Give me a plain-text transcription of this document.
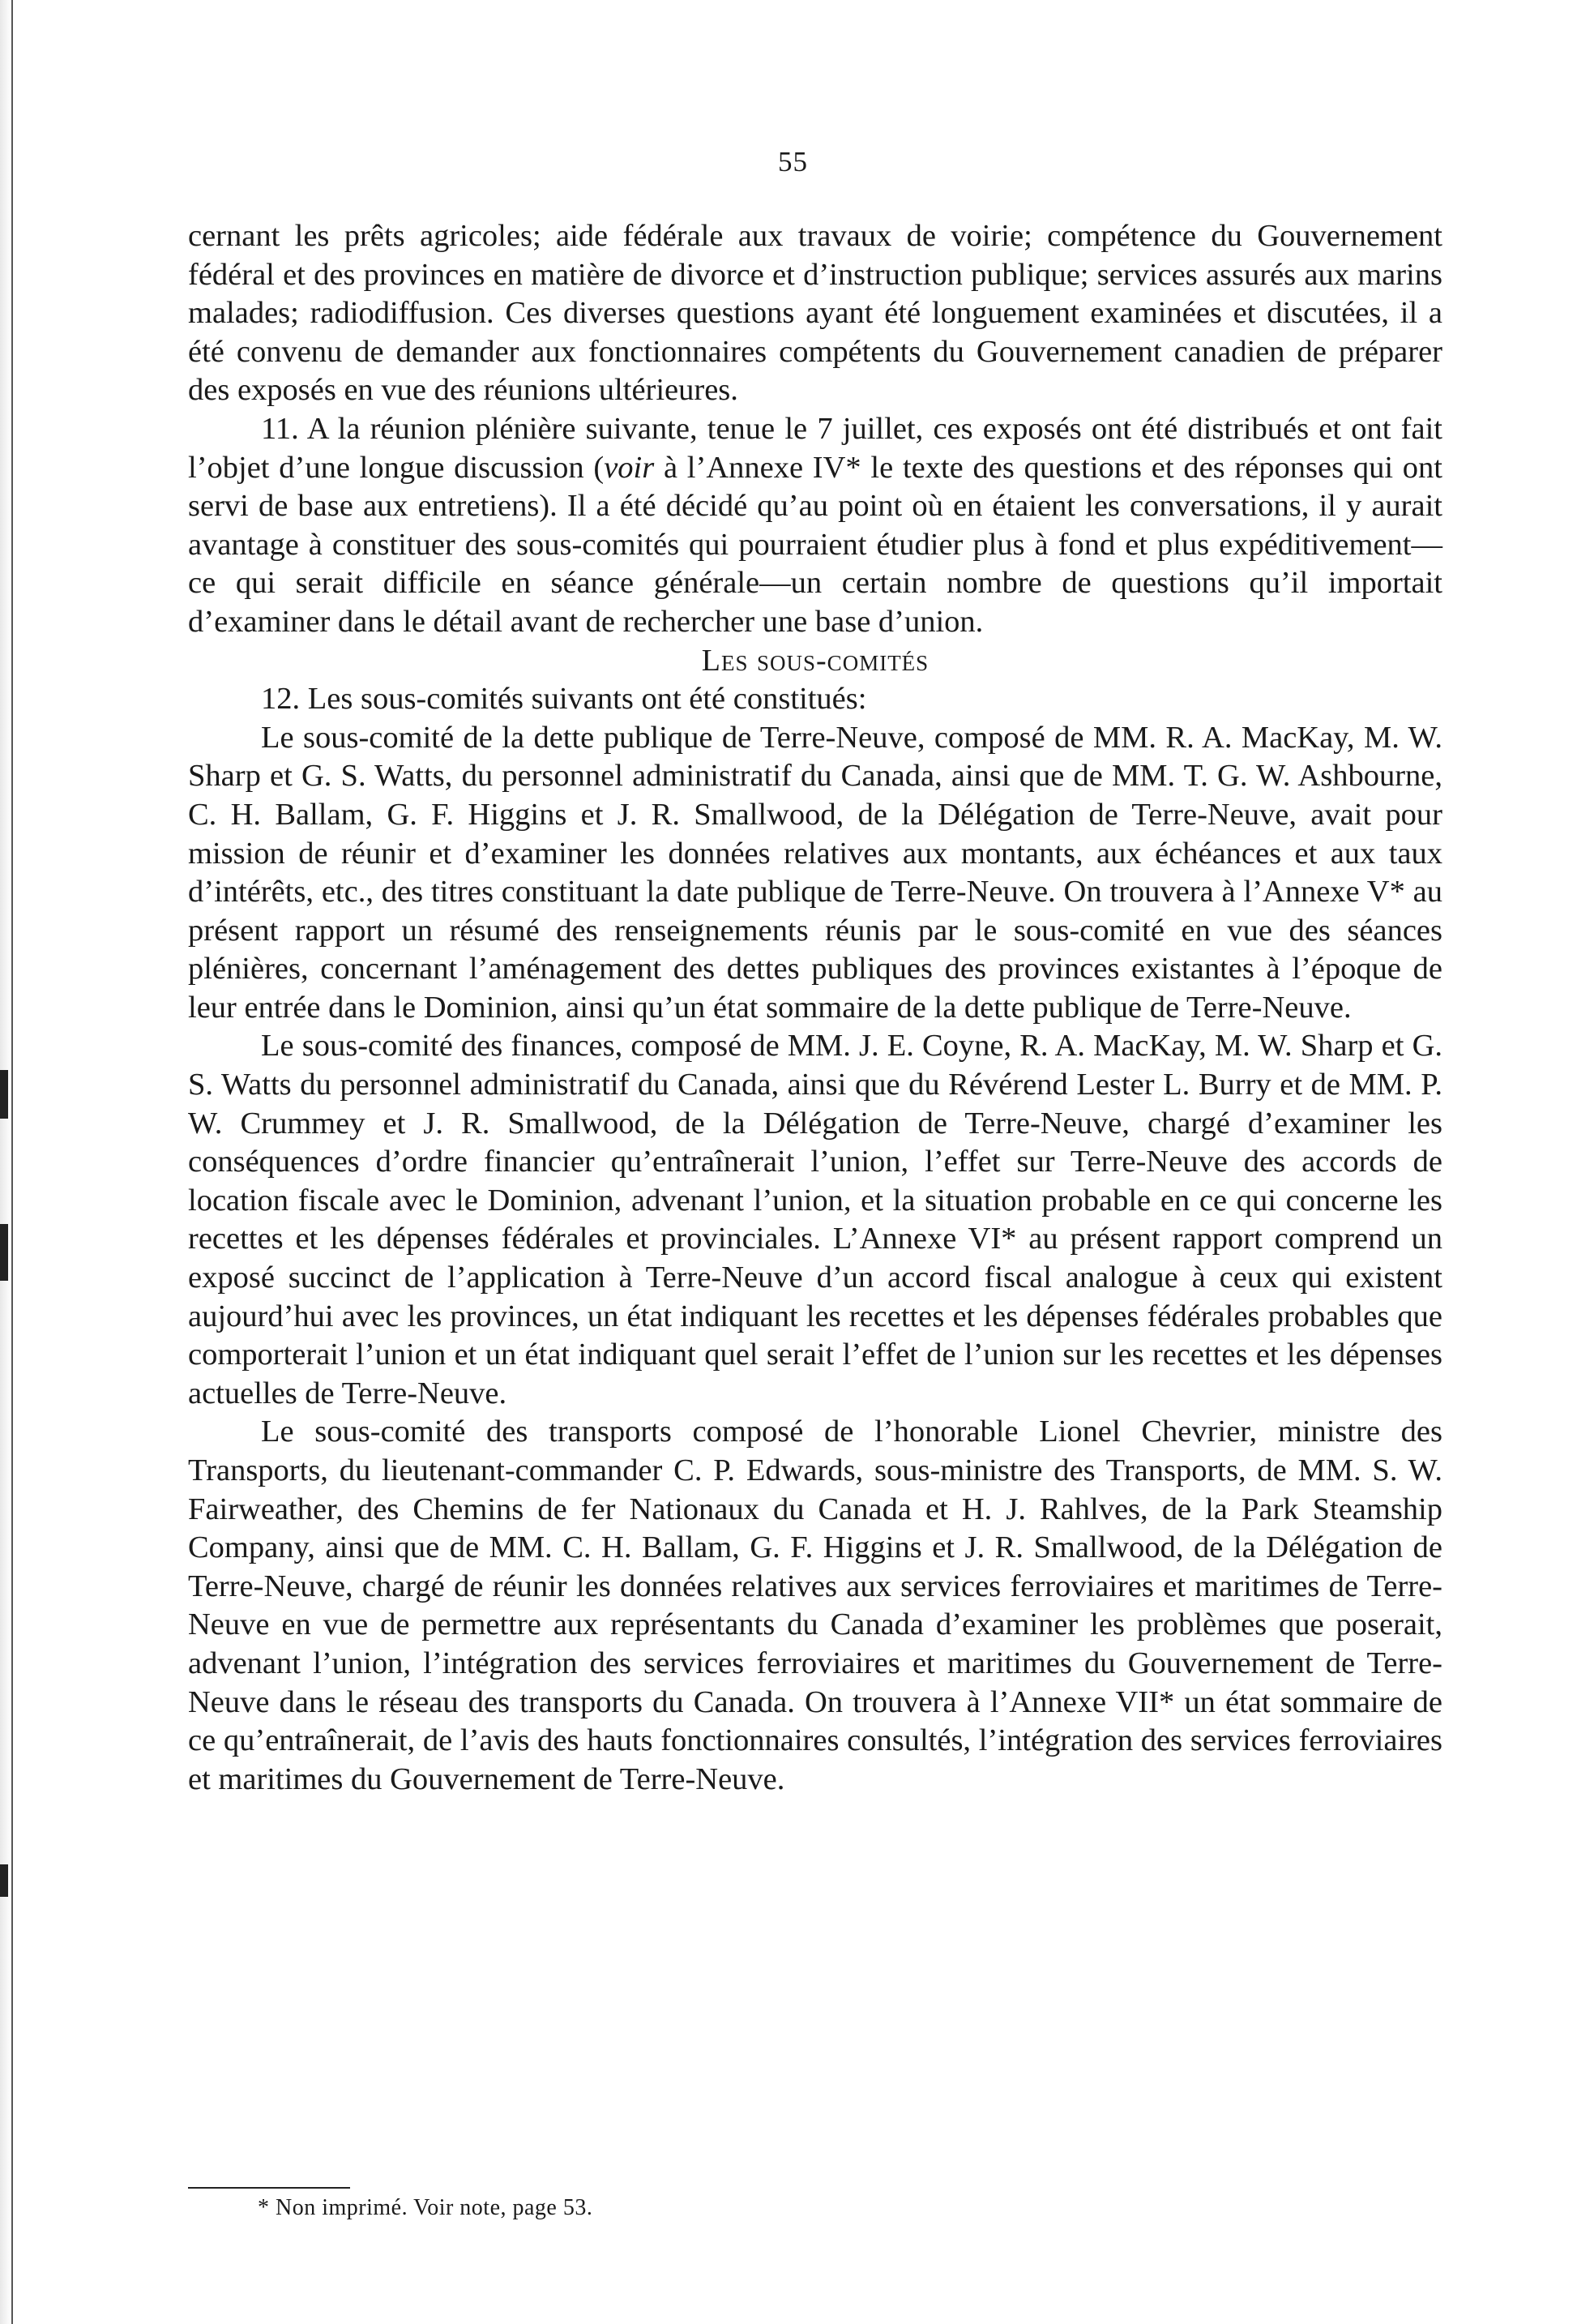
55

cernant les prêts agricoles; aide fédérale aux travaux de voirie; compétence du Gouvernement fédéral et des provinces en matière de divorce et d’instruction publique; services assurés aux marins malades; radiodiffusion. Ces diverses questions ayant été longuement examinées et discutées, il a été convenu de demander aux fonctionnaires compétents du Gouvernement canadien de préparer des exposés en vue des réunions ultérieures.

11. A la réunion plénière suivante, tenue le 7 juillet, ces exposés ont été distribués et ont fait l’objet d’une longue discussion (voir à l’Annexe IV* le texte des questions et des réponses qui ont servi de base aux entretiens). Il a été décidé qu’au point où en étaient les conversations, il y aurait avantage à constituer des sous-comités qui pourraient étudier plus à fond et plus expéditivement—ce qui serait difficile en séance générale—un certain nombre de questions qu’il importait d’examiner dans le détail avant de rechercher une base d’union.

Les sous-comités

12. Les sous-comités suivants ont été constitués:

Le sous-comité de la dette publique de Terre-Neuve, composé de MM. R. A. MacKay, M. W. Sharp et G. S. Watts, du personnel administratif du Canada, ainsi que de MM. T. G. W. Ashbourne, C. H. Ballam, G. F. Higgins et J. R. Smallwood, de la Délégation de Terre-Neuve, avait pour mission de réunir et d’examiner les données relatives aux montants, aux échéances et aux taux d’intérêts, etc., des titres constituant la date publique de Terre-Neuve. On trouvera à l’Annexe V* au présent rapport un résumé des renseignements réunis par le sous-comité en vue des séances plénières, concernant l’aménagement des dettes publiques des provinces existantes à l’époque de leur entrée dans le Dominion, ainsi qu’un état sommaire de la dette publique de Terre-Neuve.

Le sous-comité des finances, composé de MM. J. E. Coyne, R. A. MacKay, M. W. Sharp et G. S. Watts du personnel administratif du Canada, ainsi que du Révérend Lester L. Burry et de MM. P. W. Crummey et J. R. Smallwood, de la Délégation de Terre-Neuve, chargé d’examiner les conséquences d’ordre financier qu’entraînerait l’union, l’effet sur Terre-Neuve des accords de location fiscale avec le Dominion, advenant l’union, et la situation probable en ce qui concerne les recettes et les dépenses fédérales et provinciales. L’Annexe VI* au présent rapport comprend un exposé succinct de l’application à Terre-Neuve d’un accord fiscal analogue à ceux qui existent aujourd’hui avec les provinces, un état indiquant les recettes et les dépenses fédérales probables que comporterait l’union et un état indiquant quel serait l’effet de l’union sur les recettes et les dépenses actuelles de Terre-Neuve.

Le sous-comité des transports composé de l’honorable Lionel Chevrier, ministre des Transports, du lieutenant-commander C. P. Edwards, sous-ministre des Transports, de MM. S. W. Fairweather, des Chemins de fer Nationaux du Canada et H. J. Rahlves, de la Park Steamship Company, ainsi que de MM. C. H. Ballam, G. F. Higgins et J. R. Smallwood, de la Délégation de Terre-Neuve, chargé de réunir les données relatives aux services ferroviaires et maritimes de Terre-Neuve en vue de permettre aux représentants du Canada d’examiner les problèmes que poserait, advenant l’union, l’intégration des services ferroviaires et maritimes du Gouvernement de Terre-Neuve dans le réseau des transports du Canada. On trouvera à l’Annexe VII* un état sommaire de ce qu’entraînerait, de l’avis des hauts fonctionnaires consultés, l’intégration des services ferroviaires et maritimes du Gouvernement de Terre-Neuve.

* Non imprimé. Voir note, page 53.
